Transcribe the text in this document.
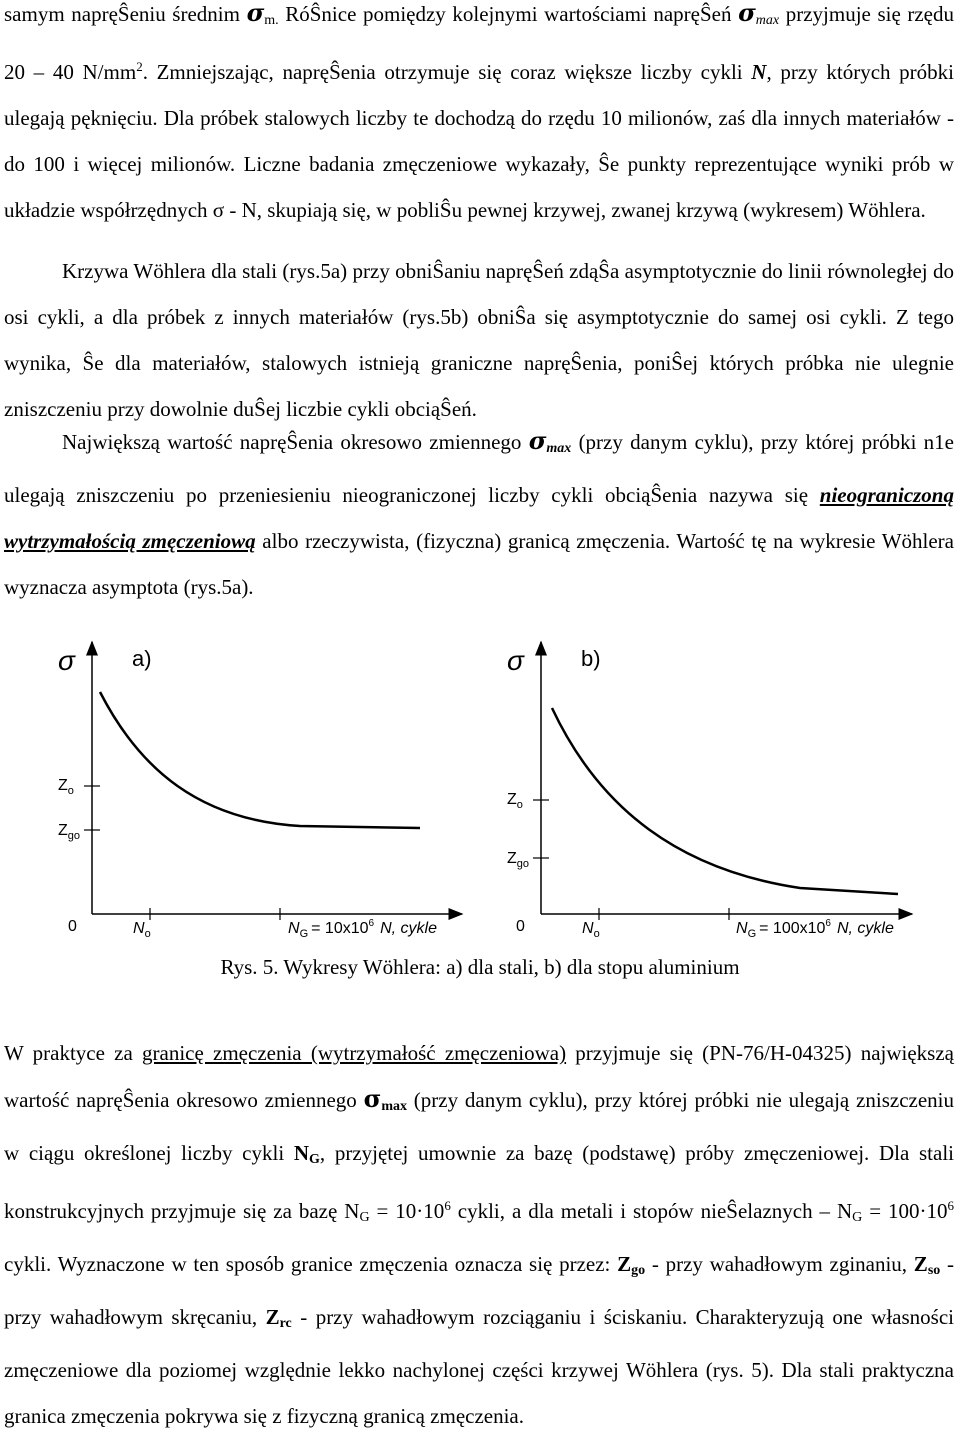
samym napręŜeniu średnim $\sigma_{m.}$ RóŜnice pomiędzy kolejnymi wartościami napręŜeń $\sigma_{max}$ przyjmuje się rzędu 20 – 40 $N/mm^2$. Zmniejszając, napręŜenia otrzymuje się coraz większe liczby cykli N, przy których próbki ulegają pęknięciu. Dla próbek stalowych liczby te dochodzą do rzędu 10 milionów, zaś dla innych materiałów - do 100 i więcej milionów. Liczne badania zmęczeniowe wykazały, Ŝe punkty reprezentujące wyniki prób w układzie współrzędnych σ - N, skupiają się, w pobliŜu pewnej krzywej, zwanej krzywą (wykresem) Wöhlera.

Krzywa Wöhlera dla stali (rys.5a) przy obniŜaniu napręŜeń zdąŜa asymptotycznie do linii równoległej do osi cykli, a dla próbek z innych materiałów (rys.5b) obniŜa się asymptotycznie do samej osi cykli. Z tego wynika, Ŝe dla materiałów, stalowych istnieją graniczne napręŜenia, poniŜej których próbka nie ulegnie zniszczeniu przy dowolnie duŜej liczbie cykli obciąŜeń.

Największą wartość napręŜenia okresowo zmiennego $\sigma_{max}$ (przy danym cyklu), przy której próbki n1e ulegają zniszczeniu po przeniesieniu nieograniczonej liczby cykli obciąŜenia nazywa się nieograniczoną wytrzymałością zmęczeniową albo rzeczywista, (fizyczna) granicą zmęczenia. Wartość tę na wykresie Wöhlera wyznacza asymptota (rys.5a).

σ	a)
$Z_o$
$Z_{go}$
0	$N_o$	$N_G = 10x10^6$ N, cykle
σ	b)
$Z_o$
$Z_{go}$
0	$N_o$	$N_G = 100x10^6$ N, cykle
Rys. 5. Wykresy Wöhlera: a) dla stali, b) dla stopu aluminium

W praktyce za granicę zmęczenia (wytrzymałość zmęczeniowa) przyjmuje się (PN-76/H-04325) największą wartość napręŜenia okresowo zmiennego $\sigma_{max}$ (przy danym cyklu), przy której próbki nie ulegają zniszczeniu w ciągu określonej liczby cykli $N_G$, przyjętej umownie za bazę (podstawę) próby zmęczeniowej. Dla stali konstrukcyjnych przyjmuje się za bazę $N_G = 10\cdot 10^6$ cykli, a dla metali i stopów nieŜelaznych – $N_G = 100\cdot 10^6$ cykli. Wyznaczone w ten sposób granice zmęczenia oznacza się przez: $Z_{go}$ - przy wahadłowym zginaniu, $Z_{so}$ - przy wahadłowym skręcaniu, $Z_{rc}$ - przy wahadłowym rozciąganiu i ściskaniu. Charakteryzują one własności zmęczeniowe dla poziomej względnie lekko nachylonej części krzywej Wöhlera (rys. 5). Dla stali praktyczna granica zmęczenia pokrywa się z fizyczną granicą zmęczenia.
